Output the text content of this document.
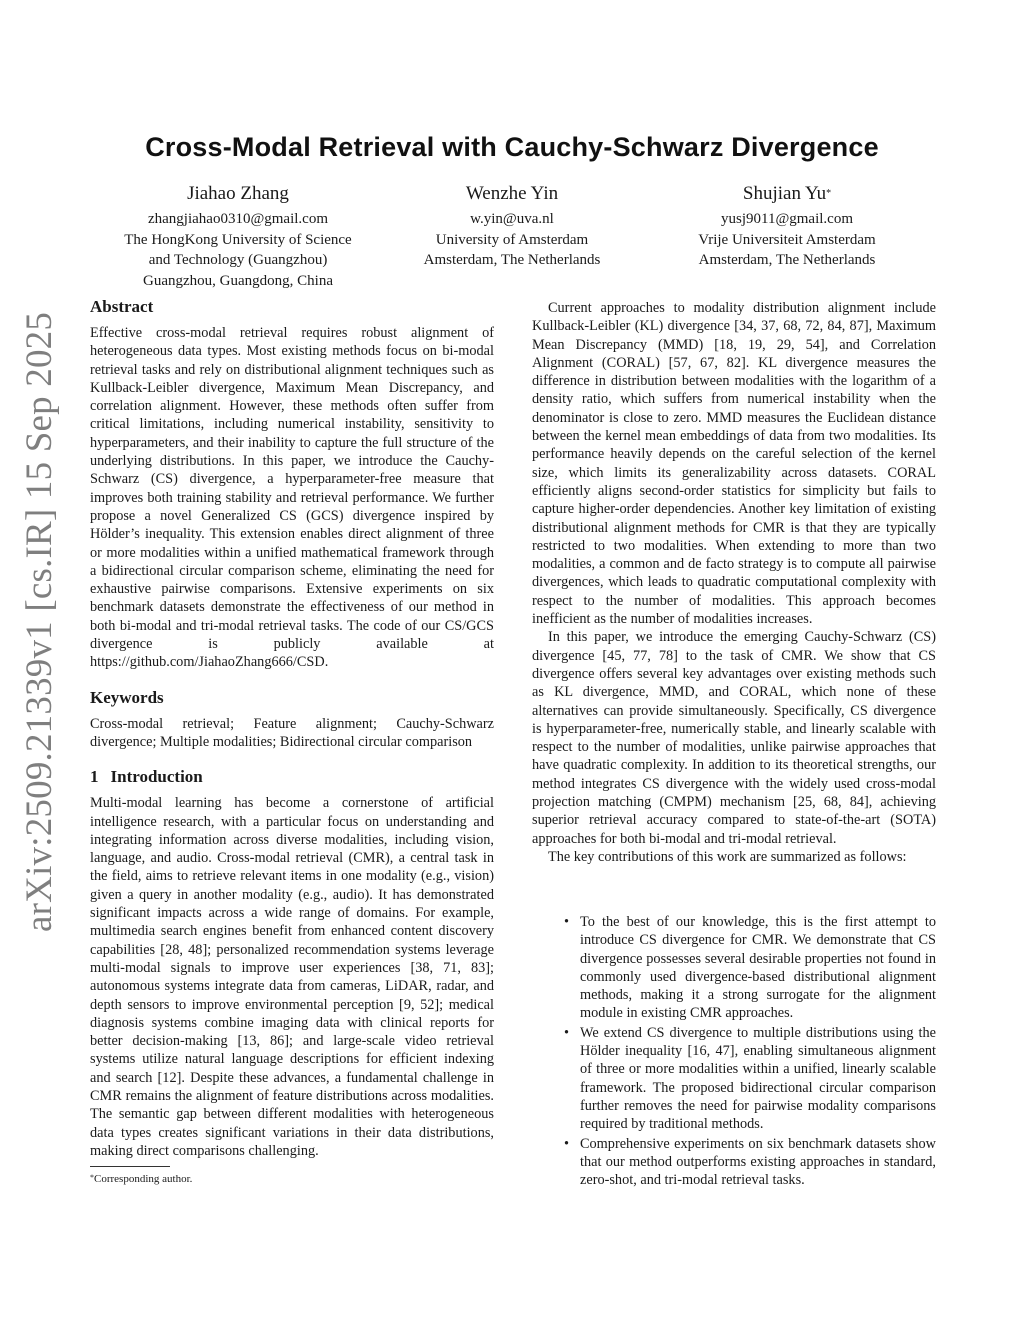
arXiv:2509.21339v1 [cs.IR] 15 Sep 2025
Cross-Modal Retrieval with Cauchy-Schwarz Divergence
Jiahao Zhang
zhangjiahao0310@gmail.com
The HongKong University of Science
and Technology (Guangzhou)
Guangzhou, Guangdong, China
Wenzhe Yin
w.yin@uva.nl
University of Amsterdam
Amsterdam, The Netherlands
Shujian Yu*
yusj9011@gmail.com
Vrije Universiteit Amsterdam
Amsterdam, The Netherlands
Abstract

Effective cross-modal retrieval requires robust alignment of heterogeneous data types. Most existing methods focus on bi-modal retrieval tasks and rely on distributional alignment techniques such as Kullback-Leibler divergence, Maximum Mean Discrepancy, and correlation alignment. However, these methods often suffer from critical limitations, including numerical instability, sensitivity to hyperparameters, and their inability to capture the full structure of the underlying distributions. In this paper, we introduce the Cauchy-Schwarz (CS) divergence, a hyperparameter-free measure that improves both training stability and retrieval performance. We further propose a novel Generalized CS (GCS) divergence inspired by Hölder’s inequality. This extension enables direct alignment of three or more modalities within a unified mathematical framework through a bidirectional circular comparison scheme, eliminating the need for exhaustive pairwise comparisons. Extensive experiments on six benchmark datasets demonstrate the effectiveness of our method in both bi-modal and tri-modal retrieval tasks. The code of our CS/GCS divergence is publicly available at https://github.com/JiahaoZhang666/CSD.

Keywords

Cross-modal retrieval; Feature alignment; Cauchy-Schwarz divergence; Multiple modalities; Bidirectional circular comparison

1 Introduction

Multi-modal learning has become a cornerstone of artificial intelligence research, with a particular focus on understanding and integrating information across diverse modalities, including vision, language, and audio. Cross-modal retrieval (CMR), a central task in the field, aims to retrieve relevant items in one modality (e.g., vision) given a query in another modality (e.g., audio). It has demonstrated significant impacts across a wide range of domains. For example, multimedia search engines benefit from enhanced content discovery capabilities [28, 48]; personalized recommendation systems leverage multi-modal signals to improve user experiences [38, 71, 83]; autonomous systems integrate data from cameras, LiDAR, radar, and depth sensors to improve environmental perception [9, 52]; medical diagnosis systems combine imaging data with clinical reports for better decision-making [13, 86]; and large-scale video retrieval systems utilize natural language descriptions for efficient indexing and search [12]. Despite these advances, a fundamental challenge in CMR remains the alignment of feature distributions across modalities. The semantic gap between different modalities with heterogeneous data types creates significant variations in their data distributions, making direct comparisons challenging.

Current approaches to modality distribution alignment include Kullback-Leibler (KL) divergence [34, 37, 68, 72, 84, 87], Maximum Mean Discrepancy (MMD) [18, 19, 29, 54], and Correlation Alignment (CORAL) [57, 67, 82]. KL divergence measures the difference in distribution between modalities with the logarithm of a density ratio, which suffers from numerical instability when the denominator is close to zero. MMD measures the Euclidean distance between the kernel mean embeddings of data from two modalities. Its performance heavily depends on the careful selection of the kernel size, which limits its generalizability across datasets. CORAL efficiently aligns second-order statistics for simplicity but fails to capture higher-order dependencies. Another key limitation of existing distributional alignment methods for CMR is that they are typically restricted to two modalities. When extending to more than two modalities, a common and de facto strategy is to compute all pairwise divergences, which leads to quadratic computational complexity with respect to the number of modalities. This approach becomes inefficient as the number of modalities increases.

In this paper, we introduce the emerging Cauchy-Schwarz (CS) divergence [45, 77, 78] to the task of CMR. We show that CS divergence offers several key advantages over existing methods such as KL divergence, MMD, and CORAL, which none of these alternatives can provide simultaneously. Specifically, CS divergence is hyperparameter-free, numerically stable, and linearly scalable with respect to the number of modalities, unlike pairwise approaches that have quadratic complexity. In addition to its theoretical strengths, our method integrates CS divergence with the widely used cross-modal projection matching (CMPM) mechanism [25, 68, 84], achieving superior retrieval accuracy compared to state-of-the-art (SOTA) approaches for both bi-modal and tri-modal retrieval.

The key contributions of this work are summarized as follows:

• To the best of our knowledge, this is the first attempt to introduce CS divergence for CMR. We demonstrate that CS divergence possesses several desirable properties not found in commonly used divergence-based distributional alignment methods, making it a strong surrogate for the alignment module in existing CMR approaches.
• We extend CS divergence to multiple distributions using the Hölder inequality [16, 47], enabling simultaneous alignment of three or more modalities within a unified, linearly scalable framework. The proposed bidirectional circular comparison further removes the need for pairwise modality comparisons required by traditional methods.
• Comprehensive experiments on six benchmark datasets show that our method outperforms existing approaches in standard, zero-shot, and tri-modal retrieval tasks.
*Corresponding author.
